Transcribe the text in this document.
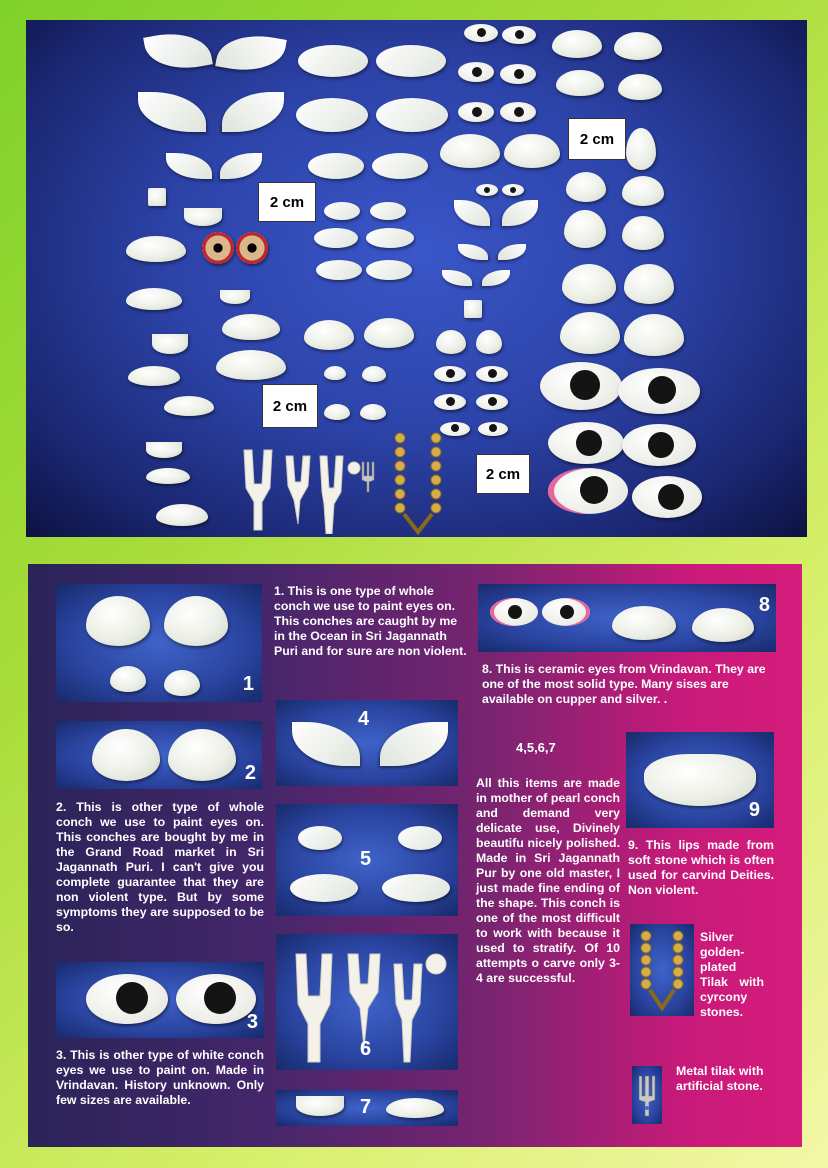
2 cm
2 cm
2 cm
2 cm
1
2
2. This is other type of whole conch we use to paint eyes on. This conches are bought by me in the Grand Road market in Sri Jagannath Puri. I can't give you complete guarantee that they are non violent type. But by some symptoms they are supposed to be so.
3
3. This is other type of white conch eyes we use to paint on. Made in Vrindavan. History unknown. Only few sizes are available.
1. This is one type of whole conch we use to paint eyes on. This conches are caught by me in the Ocean in Sri Jagannath Puri and for sure are non violent.
4
5
6
7
8
8. This is ceramic eyes from Vrindavan. They are one of the most solid type. Many sises are available on cupper and silver. .
4,5,6,7
All this items are made in mother of pearl conch and demand very delicate use, Divinely beautifu nicely polished. Made in Sri Jagannath Pur by one old master, I just made fine ending of the shape. This conch is one of the most difficult to work with because it used to stratify. Of 10 attempts o carve only 3-4 are successful.
9
9. This lips made from soft stone which is often used for carvind Deities. Non violent.
Silver golden-plated Tilak with cyrcony stones.
Metal tilak with artificial stone.
